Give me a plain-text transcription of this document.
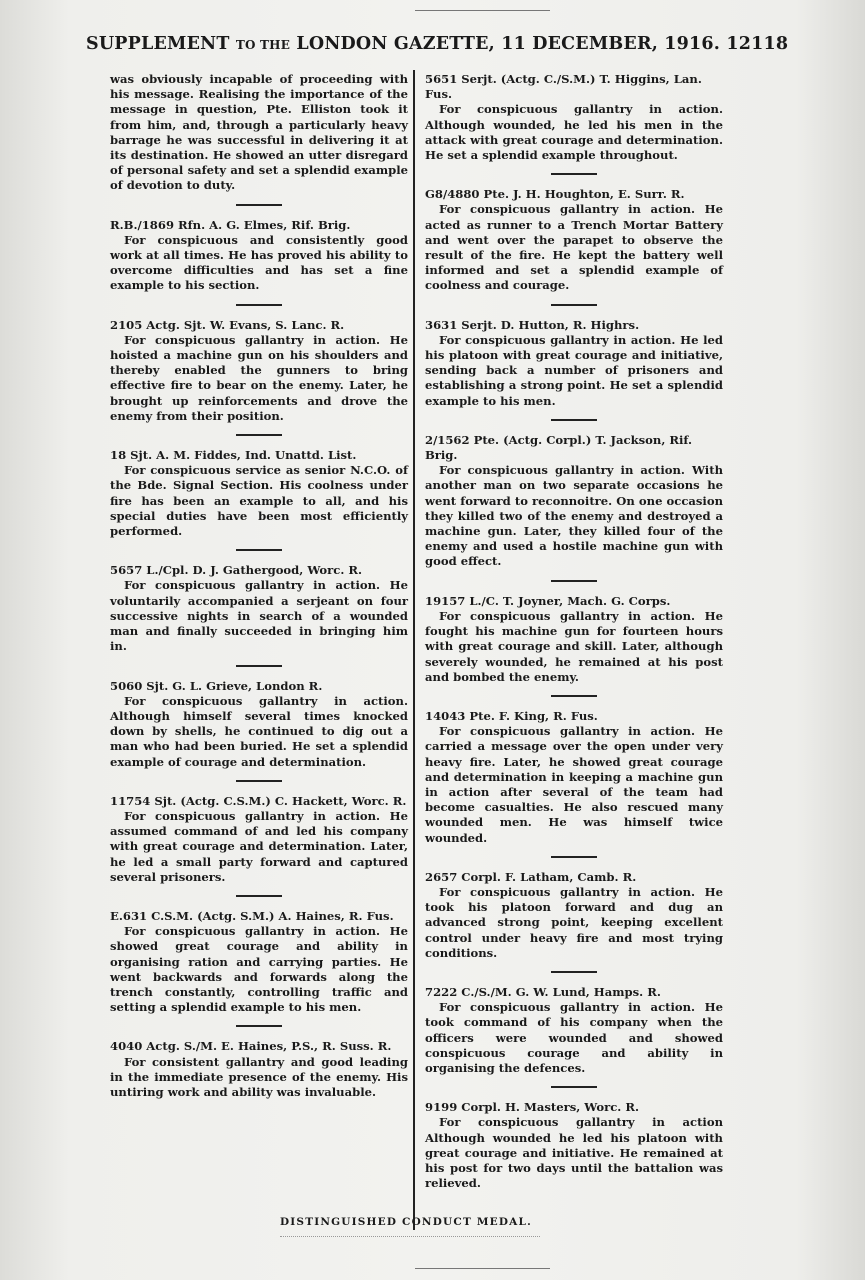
SUPPLEMENT TO THE LONDON GAZETTE, 11 DECEMBER, 1916. 12118
was obviously incapable of proceeding with his message. Realising the importance of the message in question, Pte. Elliston took it from him, and, through a particularly heavy barrage he was successful in delivering it at its destination. He showed an utter disregard of personal safety and set a splendid example of devotion to duty.
R.B./1869 Rfn. A. G. Elmes, Rif. Brig.
For conspicuous and consistently good work at all times. He has proved his ability to overcome difficulties and has set a fine example to his section.
2105 Actg. Sjt. W. Evans, S. Lanc. R.
For conspicuous gallantry in action. He hoisted a machine gun on his shoulders and thereby enabled the gunners to bring effective fire to bear on the enemy. Later, he brought up reinforcements and drove the enemy from their position.
18 Sjt. A. M. Fiddes, Ind. Unattd. List.
For conspicuous service as senior N.C.O. of the Bde. Signal Section. His coolness under fire has been an example to all, and his special duties have been most efficiently performed.
5657 L./Cpl. D. J. Gathergood, Worc. R.
For conspicuous gallantry in action. He voluntarily accompanied a serjeant on four successive nights in search of a wounded man and finally succeeded in bringing him in.
5060 Sjt. G. L. Grieve, London R.
For conspicuous gallantry in action. Although himself several times knocked down by shells, he continued to dig out a man who had been buried. He set a splendid example of courage and determination.
11754 Sjt. (Actg. C.S.M.) C. Hackett, Worc. R.
For conspicuous gallantry in action. He assumed command of and led his company with great courage and determination. Later, he led a small party forward and captured several prisoners.
E.631 C.S.M. (Actg. S.M.) A. Haines, R. Fus.
For conspicuous gallantry in action. He showed great courage and ability in organising ration and carrying parties. He went backwards and forwards along the trench constantly, controlling traffic and setting a splendid example to his men.
4040 Actg. S./M. E. Haines, P.S., R. Suss. R.
For consistent gallantry and good leading in the immediate presence of the enemy. His untiring work and ability was invaluable.
5651 Serjt. (Actg. C./S.M.) T. Higgins, Lan. Fus.
For conspicuous gallantry in action. Although wounded, he led his men in the attack with great courage and determination. He set a splendid example throughout.
G8/4880 Pte. J. H. Houghton, E. Surr. R.
For conspicuous gallantry in action. He acted as runner to a Trench Mortar Battery and went over the parapet to observe the result of the fire. He kept the battery well informed and set a splendid example of coolness and courage.
3631 Serjt. D. Hutton, R. Highrs.
For conspicuous gallantry in action. He led his platoon with great courage and initiative, sending back a number of prisoners and establishing a strong point. He set a splendid example to his men.
2/1562 Pte. (Actg. Corpl.) T. Jackson, Rif. Brig.
For conspicuous gallantry in action. With another man on two separate occasions he went forward to reconnoitre. On one occasion they killed two of the enemy and destroyed a machine gun. Later, they killed four of the enemy and used a hostile machine gun with good effect.
19157 L./C. T. Joyner, Mach. G. Corps.
For conspicuous gallantry in action. He fought his machine gun for fourteen hours with great courage and skill. Later, although severely wounded, he remained at his post and bombed the enemy.
14043 Pte. F. King, R. Fus.
For conspicuous gallantry in action. He carried a message over the open under very heavy fire. Later, he showed great courage and determination in keeping a machine gun in action after several of the team had become casualties. He also rescued many wounded men. He was himself twice wounded.
2657 Corpl. F. Latham, Camb. R.
For conspicuous gallantry in action. He took his platoon forward and dug an advanced strong point, keeping excellent control under heavy fire and most trying conditions.
7222 C./S./M. G. W. Lund, Hamps. R.
For conspicuous gallantry in action. He took command of his company when the officers were wounded and showed conspicuous courage and ability in organising the defences.
9199 Corpl. H. Masters, Worc. R.
For conspicuous gallantry in action Although wounded he led his platoon with great courage and initiative. He remained at his post for two days until the battalion was relieved.
DISTINGUISHED CONDUCT MEDAL.
